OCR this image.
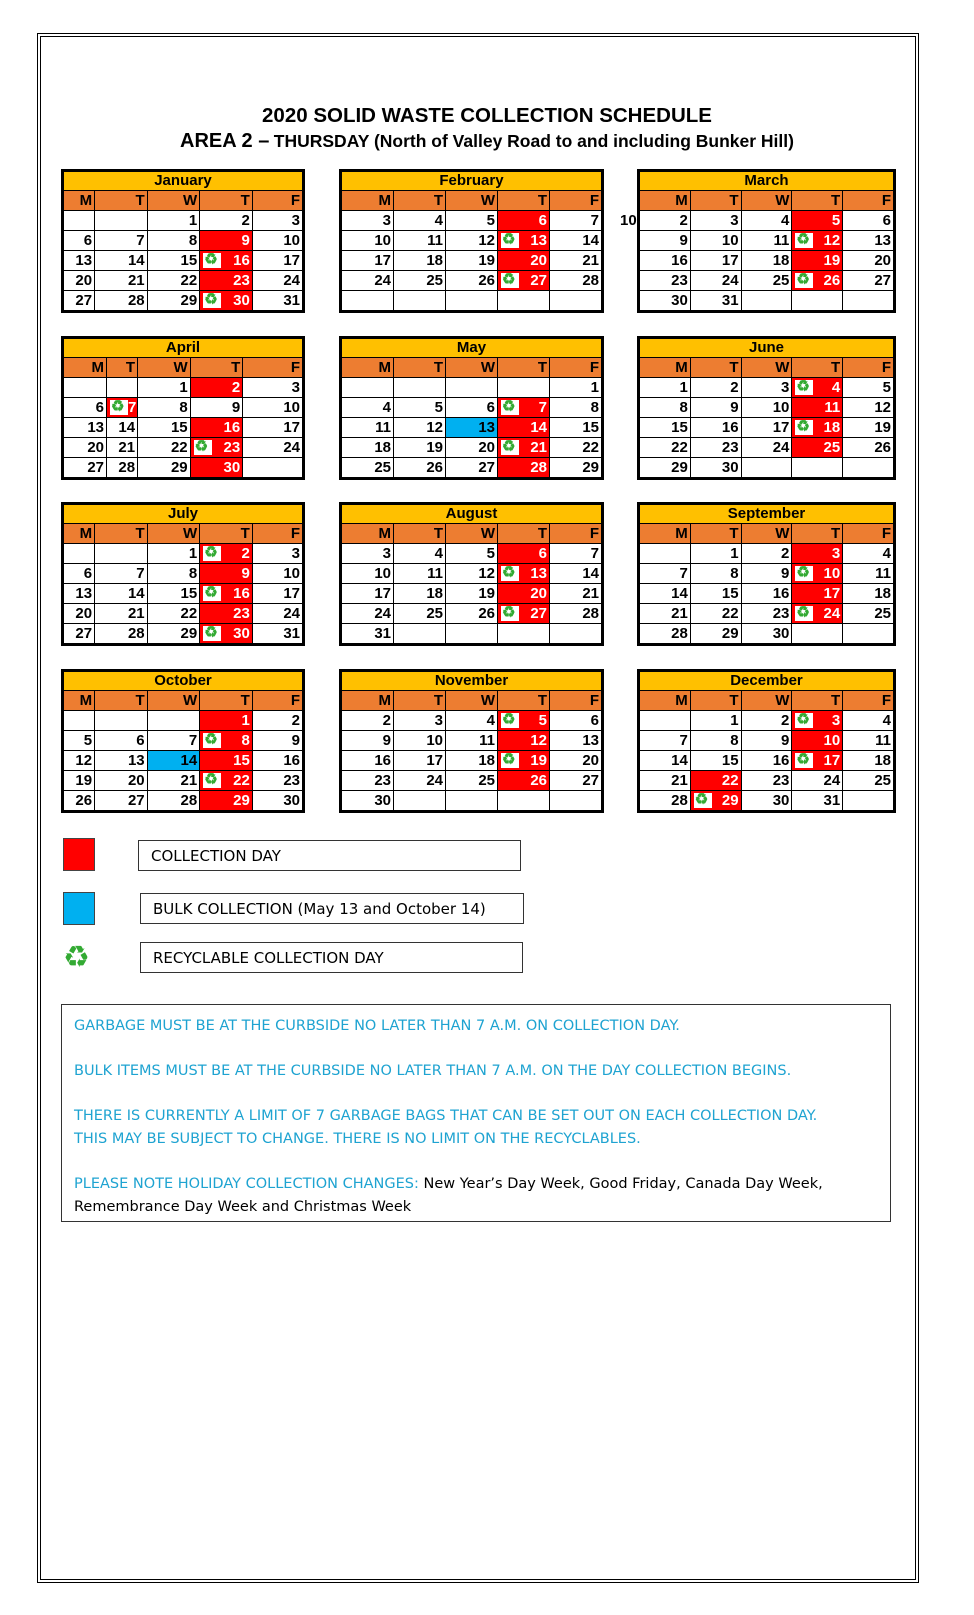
2020 SOLID WASTE COLLECTION SCHEDULE
AREA 2 – THURSDAY (North of Valley Road to and including Bunker Hill)
January				
M	T	W	T	F
		1	2	3
6	7	8	9	10
13	14	15	♻ 16	17
20	21	22	23	24
27	28	29	♻ 30	31
February				
M	T	W	T	F
3	4	5	6	7
10	11	12	♻ 13	14
17	18	19	20	21
24	25	26	♻ 27	28

March				
M	T	W	T	F
2	3	4	5	6
9	10	11	♻ 12	13
16	17	18	19	20
23	24	25	♻ 26	27
30	31			
April				
M	T	W	T	F
		1	2	3
6	♻ 7	8	9	10
13	14	15	16	17
20	21	22	♻ 23	24
27	28	29	30	
May				
M	T	W	T	F
				1
4	5	6	♻ 7	8
11	12	13	14	15
18	19	20	♻ 21	22
25	26	27	28	29
June				
M	T	W	T	F
1	2	3	♻ 4	5
8	9	10	11	12
15	16	17	♻ 18	19
22	23	24	25	26
29	30			
July				
M	T	W	T	F
		1	♻ 2	3
6	7	8	9	10
13	14	15	♻ 16	17
20	21	22	23	24
27	28	29	♻ 30	31
August				
M	T	W	T	F
3	4	5	6	7
10	11	12	♻ 13	14
17	18	19	20	21
24	25	26	♻ 27	28
31				
September				
M	T	W	T	F
	1	2	3	4
7	8	9	♻ 10	11
14	15	16	17	18
21	22	23	♻ 24	25
28	29	30		
October				
M	T	W	T	F
			1	2
5	6	7	♻ 8	9
12	13	14	15	16
19	20	21	♻ 22	23
26	27	28	29	30
November				
M	T	W	T	F
2	3	4	♻ 5	6
9	10	11	12	13
16	17	18	♻ 19	20
23	24	25	26	27
30				
December				
M	T	W	T	F
	1	2	♻ 3	4
7	8	9	10	11
14	15	16	♻ 17	18
21	22	23	24	25
28	♻ 29	30	31	
10
COLLECTION DAY
BULK COLLECTION (May 13 and October 14)
♻	RECYCLABLE COLLECTION DAY

GARBAGE MUST BE AT THE CURBSIDE NO LATER THAN 7 A.M. ON COLLECTION DAY.

BULK ITEMS MUST BE AT THE CURBSIDE NO LATER THAN 7 A.M. ON THE DAY COLLECTION BEGINS.

THERE IS CURRENTLY A LIMIT OF 7 GARBAGE BAGS THAT CAN BE SET OUT ON EACH COLLECTION DAY.

THIS MAY BE SUBJECT TO CHANGE. THERE IS NO LIMIT ON THE RECYCLABLES.

PLEASE NOTE HOLIDAY COLLECTION CHANGES: New Year’s Day Week, Good Friday, Canada Day Week,

Remembrance Day Week and Christmas Week
